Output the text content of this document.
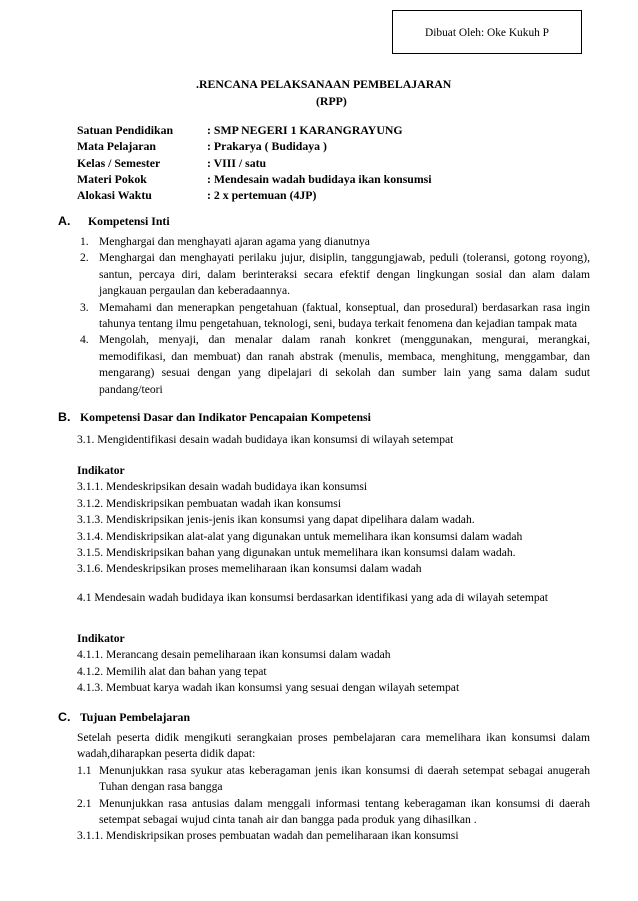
Dibuat Oleh: Oke Kukuh P
.RENCANA PELAKSANAAN PEMBELAJARAN
(RPP)
Satuan Pendidikan	: SMP NEGERI 1 KARANGRAYUNG
Mata Pelajaran	: Prakarya ( Budidaya )
Kelas / Semester	: VIII / satu
Materi Pokok	: Mendesain wadah budidaya ikan konsumsi
Alokasi Waktu	: 2 x pertemuan (4JP)
A. Kompetensi Inti
1. Menghargai dan menghayati ajaran agama yang dianutnya
2. Menghargai dan menghayati perilaku jujur, disiplin, tanggungjawab, peduli (toleransi, gotong royong), santun, percaya diri, dalam berinteraksi secara efektif dengan lingkungan sosial dan alam dalam jangkauan pergaulan dan keberadaannya.
3. Memahami dan menerapkan pengetahuan (faktual, konseptual, dan prosedural) berdasarkan rasa ingin tahunya tentang ilmu pengetahuan, teknologi, seni, budaya terkait fenomena dan kejadian tampak mata
4. Mengolah, menyaji, dan menalar dalam ranah konkret (menggunakan, mengurai, merangkai, memodifikasi, dan membuat) dan ranah abstrak (menulis, membaca, menghitung, menggambar, dan mengarang) sesuai dengan yang dipelajari di sekolah dan sumber lain yang sama dalam sudut pandang/teori
B. Kompetensi Dasar dan Indikator Pencapaian Kompetensi
3.1. Mengidentifikasi desain wadah budidaya ikan konsumsi di wilayah setempat
Indikator
3.1.1. Mendeskripsikan desain wadah budidaya ikan konsumsi
3.1.2. Mendiskripsikan pembuatan wadah ikan konsumsi
3.1.3. Mendiskripsikan jenis-jenis ikan konsumsi yang dapat dipelihara dalam wadah.
3.1.4. Mendiskripsikan alat-alat yang digunakan untuk memelihara ikan konsumsi dalam wadah
3.1.5. Mendiskripsikan bahan yang digunakan untuk memelihara ikan konsumsi dalam wadah.
3.1.6. Mendeskripsikan proses memeliharaan ikan konsumsi dalam wadah
4.1 Mendesain wadah budidaya ikan konsumsi berdasarkan identifikasi yang ada di wilayah setempat
Indikator
4.1.1. Merancang desain pemeliharaan ikan konsumsi dalam wadah
4.1.2. Memilih alat dan bahan yang tepat
4.1.3. Membuat karya wadah ikan konsumsi yang sesuai dengan wilayah setempat
C. Tujuan Pembelajaran
Setelah peserta didik mengikuti serangkaian proses pembelajaran cara memelihara ikan konsumsi dalam wadah,diharapkan peserta didik dapat:
1.1 Menunjukkan rasa syukur atas keberagaman jenis ikan konsumsi di daerah setempat sebagai anugerah Tuhan dengan rasa bangga
2.1 Menunjukkan rasa antusias dalam menggali informasi tentang keberagaman ikan konsumsi di daerah setempat sebagai wujud cinta tanah air dan bangga pada produk yang dihasilkan .
3.1.1. Mendiskripsikan proses pembuatan wadah dan pemeliharaan ikan konsumsi
